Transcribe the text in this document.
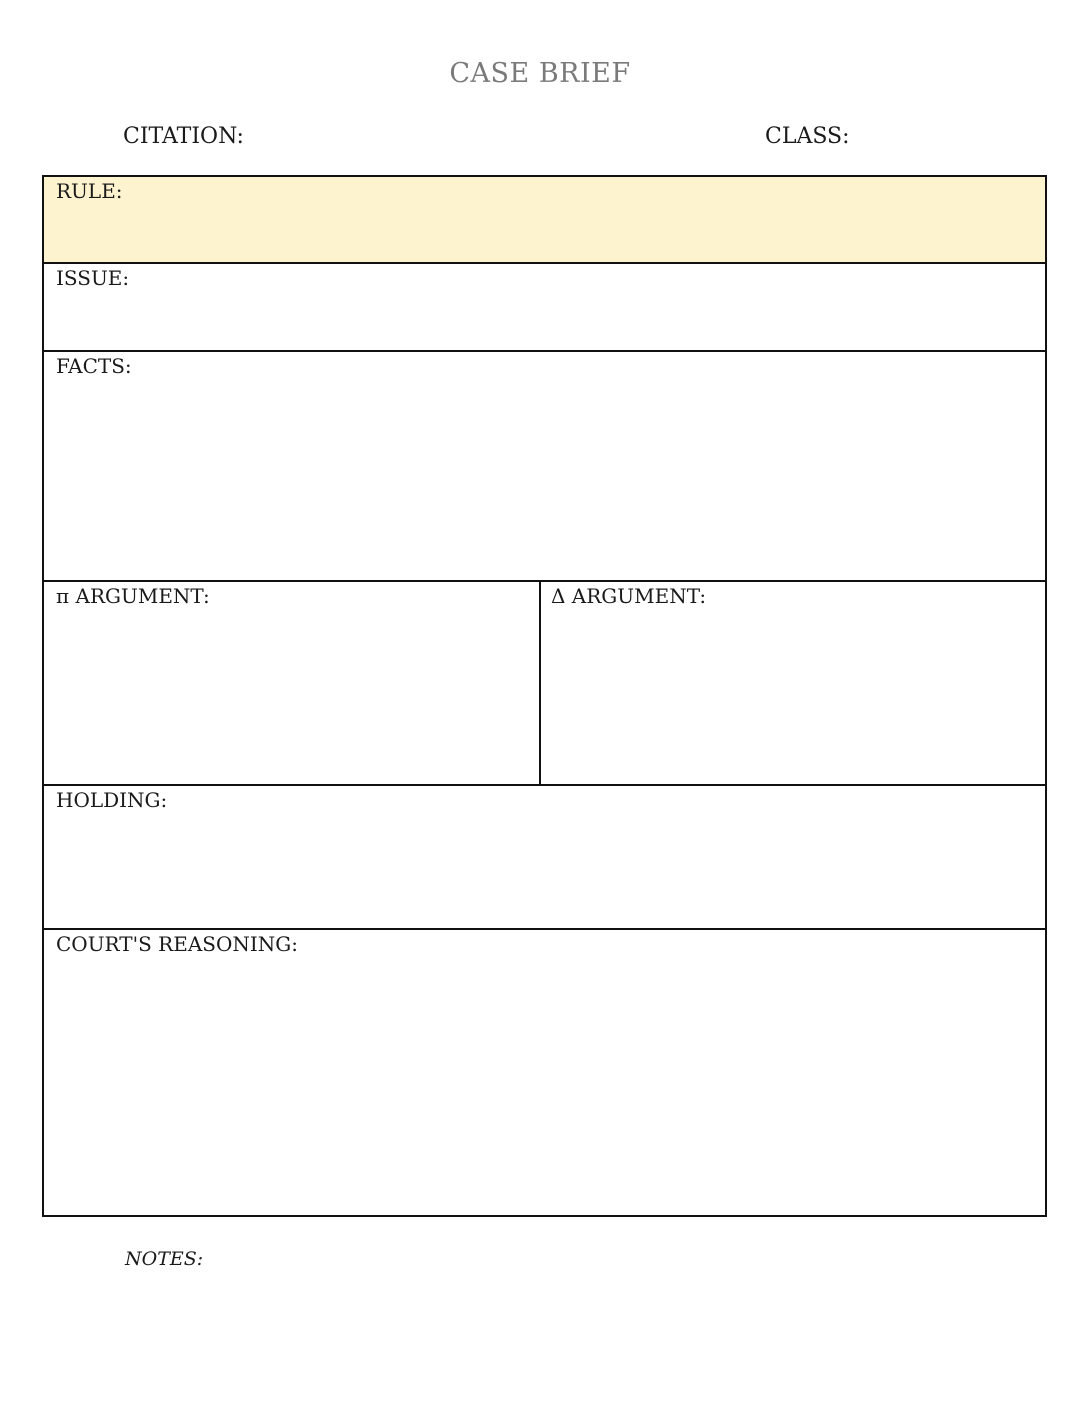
CASE BRIEF
CITATION:	CLASS:
RULE:
ISSUE:
FACTS:
π ARGUMENT:	Δ ARGUMENT:
HOLDING:
COURT'S REASONING:
NOTES:
